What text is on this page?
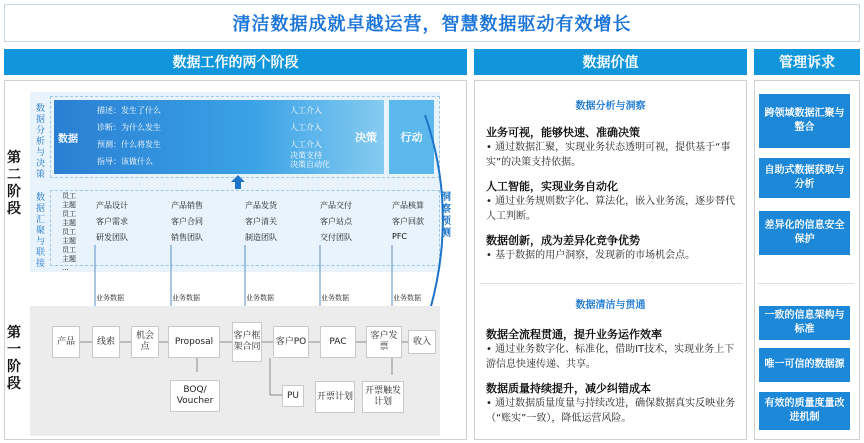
清洁数据成就卓越运营，智慧数据驱动有效增长
数据工作的两个阶段	数据价值	管理诉求
第二阶段
第一阶段
数据分析与决策
数据汇聚与联接
数据
描述：发生了什么	人工介入
诊断：为什么发生	人工介入
预测：什么将发生	人工介入
指导：该做什么
决策支持
决策自动化
决策	行动
员工主题
员工主题
员工主题
员工主题
...
产品设计
客户需求
研发团队
产品销售
客户合同
销售团队
产品发货
客户清关
制造团队
产品交付
客户站点
交付团队
产品核算
客户回款
PFC
洞察预测
业务数据	业务数据	业务数据	业务数据	业务数据
产品	线索
机会点
Proposal
客户框架合同
客户PO	PAC
客户发票
收入
BOQ/
Voucher
PU	开票计划
开票触发计划
数据分析与洞察
业务可视，能够快速、准确决策
• 通过数据汇聚，实现业务状态透明可视，提供基于“事实”的决策支持依据。
人工智能，实现业务自动化
• 通过业务规则数字化、算法化，嵌入业务流，逐步替代人工判断。
数据创新，成为差异化竞争优势
• 基于数据的用户洞察，发现新的市场机会点。
数据清洁与贯通
数据全流程贯通，提升业务运作效率
• 通过业务数字化、标准化，借助IT技术，实现业务上下游信息快速传递、共享。
数据质量持续提升，减少纠错成本
• 通过数据质量度量与持续改进，确保数据真实反映业务（“账实”一致），降低运营风险。
跨领域数据汇聚与整合
自助式数据获取与分析
差异化的信息安全保护
一致的信息架构与标准
唯一可信的数据源
有效的质量度量改进机制
